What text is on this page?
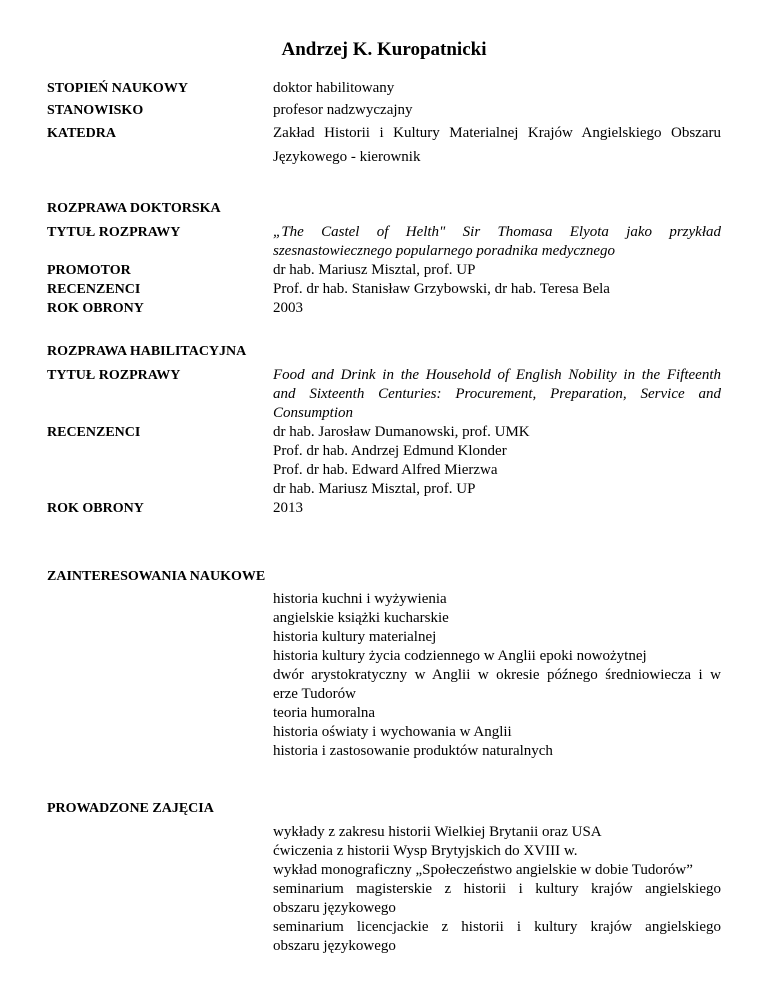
Andrzej K. Kuropatnicki
STOPIEŃ NAUKOWY	doktor habilitowany
STANOWISKO	profesor nadzwyczajny
KATEDRA	Zakład Historii i Kultury Materialnej Krajów Angielskiego Obszaru
Językowego - kierownik
ROZPRAWA DOKTORSKA
TYTUŁ ROZPRAWY	„The Castel of Helth" Sir Thomasa Elyota jako przykład
szesnastowiecznego popularnego poradnika medycznego
PROMOTOR	dr hab. Mariusz Misztal, prof. UP
RECENZENCI	Prof. dr hab. Stanisław Grzybowski, dr hab. Teresa Bela
ROK OBRONY	2003
ROZPRAWA HABILITACYJNA
TYTUŁ ROZPRAWY	Food and Drink in the Household of English Nobility in the Fifteenth
and Sixteenth Centuries: Procurement, Preparation, Service and
Consumption
RECENZENCI	dr hab. Jarosław Dumanowski, prof. UMK
Prof. dr hab. Andrzej Edmund Klonder
Prof. dr hab. Edward Alfred Mierzwa
dr hab. Mariusz Misztal, prof. UP
ROK OBRONY	2013
ZAINTERESOWANIA NAUKOWE
historia kuchni i wyżywienia
angielskie książki kucharskie
historia kultury materialnej
historia kultury życia codziennego w Anglii epoki nowożytnej
dwór arystokratyczny w Anglii w okresie późnego średniowiecza i w
erze Tudorów
teoria humoralna
historia oświaty i wychowania w Anglii
historia i zastosowanie produktów naturalnych
PROWADZONE ZAJĘCIA
wykłady z zakresu historii Wielkiej Brytanii oraz USA
ćwiczenia z historii Wysp Brytyjskich do XVIII w.
wykład monograficzny „Społeczeństwo angielskie w dobie Tudorów”
seminarium magisterskie z historii i kultury krajów angielskiego
obszaru językowego
seminarium licencjackie z historii i kultury krajów angielskiego
obszaru językowego
